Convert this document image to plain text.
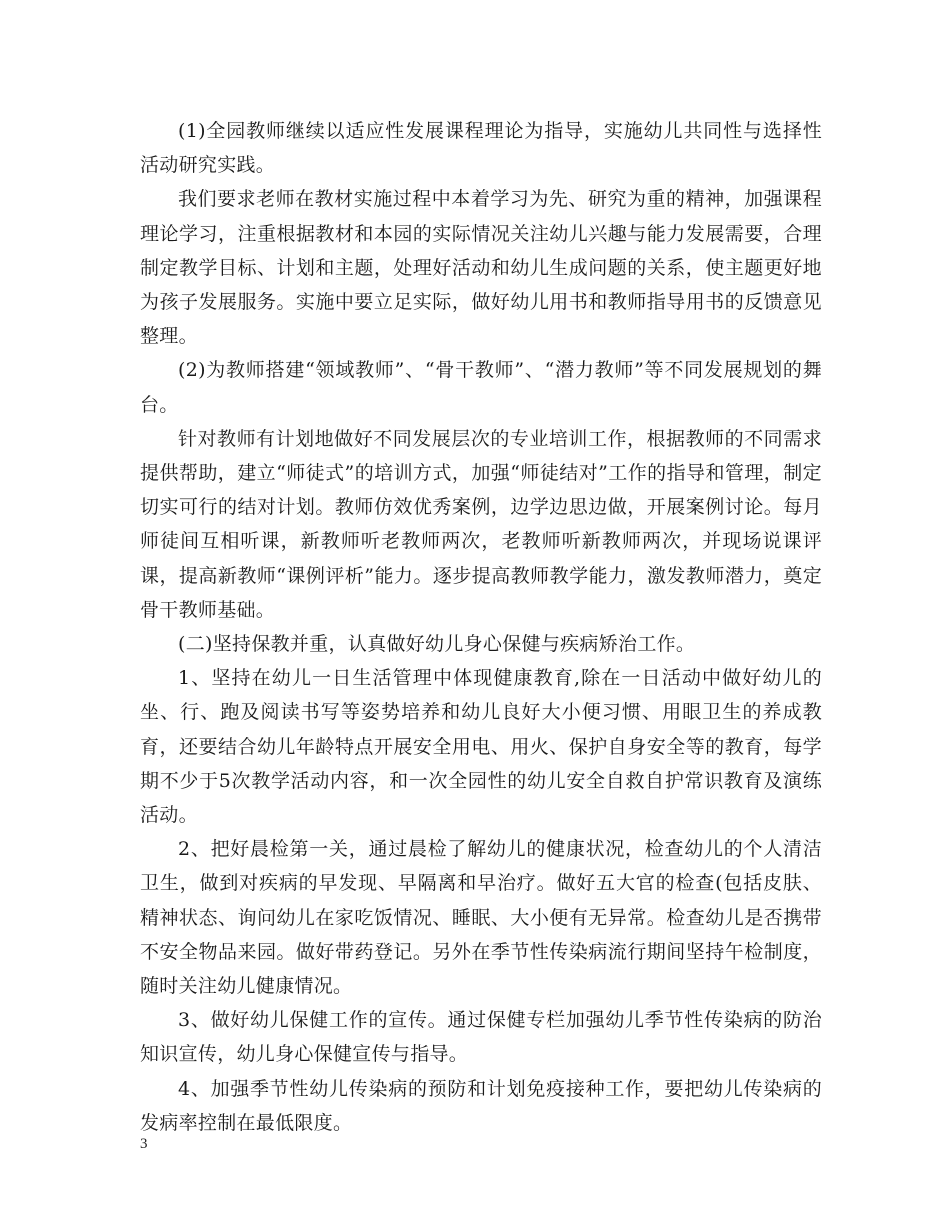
(1)全园教师继续以适应性发展课程理论为指导，实施幼儿共同性与选择性活动研究实践。

我们要求老师在教材实施过程中本着学习为先、研究为重的精神，加强课程理论学习，注重根据教材和本园的实际情况关注幼儿兴趣与能力发展需要，合理制定教学目标、计划和主题，处理好活动和幼儿生成问题的关系，使主题更好地为孩子发展服务。实施中要立足实际，做好幼儿用书和教师指导用书的反馈意见整理。

(2)为教师搭建“领域教师”、“骨干教师”、“潜力教师”等不同发展规划的舞台。

针对教师有计划地做好不同发展层次的专业培训工作，根据教师的不同需求提供帮助，建立“师徒式”的培训方式，加强“师徒结对”工作的指导和管理，制定切实可行的结对计划。教师仿效优秀案例，边学边思边做，开展案例讨论。每月师徒间互相听课，新教师听老教师两次，老教师听新教师两次，并现场说课评课，提高新教师“课例评析”能力。逐步提高教师教学能力，激发教师潜力，奠定骨干教师基础。

(二)坚持保教并重，认真做好幼儿身心保健与疾病矫治工作。

1、坚持在幼儿一日生活管理中体现健康教育,除在一日活动中做好幼儿的坐、行、跑及阅读书写等姿势培养和幼儿良好大小便习惯、用眼卫生的养成教育，还要结合幼儿年龄特点开展安全用电、用火、保护自身安全等的教育，每学期不少于5次教学活动内容，和一次全园性的幼儿安全自救自护常识教育及演练活动。

2、把好晨检第一关，通过晨检了解幼儿的健康状况，检查幼儿的个人清洁卫生，做到对疾病的早发现、早隔离和早治疗。做好五大官的检查(包括皮肤、精神状态、询问幼儿在家吃饭情况、睡眠、大小便有无异常。检查幼儿是否携带不安全物品来园。做好带药登记。另外在季节性传染病流行期间坚持午检制度，随时关注幼儿健康情况。

3、做好幼儿保健工作的宣传。通过保健专栏加强幼儿季节性传染病的防治知识宣传，幼儿身心保健宣传与指导。

4、加强季节性幼儿传染病的预防和计划免疫接种工作，要把幼儿传染病的发病率控制在最低限度。

3
